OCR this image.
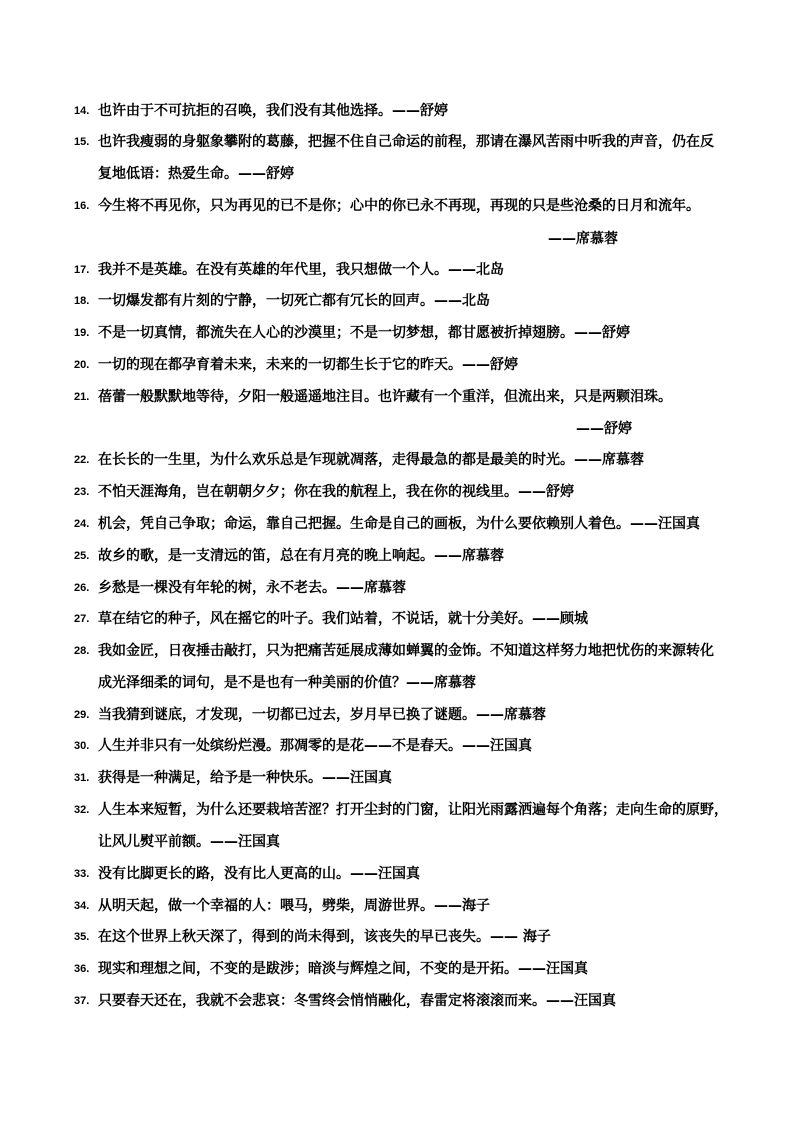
14. 也许由于不可抗拒的召唤，我们没有其他选择。——舒婷
15. 也许我瘦弱的身躯象攀附的葛藤，把握不住自己命运的前程，那请在瀑风苦雨中听我的声音，仍在反
复地低语：热爱生命。——舒婷
16. 今生将不再见你，只为再见的已不是你；心中的你已永不再现，再现的只是些沧桑的日月和流年。
——席慕蓉
17. 我并不是英雄。在没有英雄的年代里，我只想做一个人。——北岛
18. 一切爆发都有片刻的宁静，一切死亡都有冗长的回声。——北岛
19. 不是一切真情，都流失在人心的沙漠里；不是一切梦想，都甘愿被折掉翅膀。——舒婷
20. 一切的现在都孕育着未来，未来的一切都生长于它的昨天。——舒婷
21. 蓓蕾一般默默地等待，夕阳一般遥遥地注目。也许藏有一个重洋，但流出来，只是两颗泪珠。
——舒婷
22. 在长长的一生里，为什么欢乐总是乍现就凋落，走得最急的都是最美的时光。——席慕蓉
23. 不怕天涯海角，岂在朝朝夕夕；你在我的航程上，我在你的视线里。——舒婷
24. 机会，凭自己争取；命运，靠自己把握。生命是自己的画板，为什么要依赖别人着色。——汪国真
25. 故乡的歌，是一支清远的笛，总在有月亮的晚上响起。——席慕蓉
26. 乡愁是一棵没有年轮的树，永不老去。——席慕蓉
27. 草在结它的种子，风在摇它的叶子。我们站着，不说话，就十分美好。——顾城
28. 我如金匠，日夜捶击敲打，只为把痛苦延展成薄如蝉翼的金饰。不知道这样努力地把忧伤的来源转化
成光泽细柔的词句，是不是也有一种美丽的价值？——席慕蓉
29. 当我猜到谜底，才发现，一切都已过去，岁月早已换了谜题。——席慕蓉
30. 人生并非只有一处缤纷烂漫。那凋零的是花——不是春天。——汪国真
31. 获得是一种满足，给予是一种快乐。——汪国真
32. 人生本来短暂，为什么还要栽培苦涩？打开尘封的门窗，让阳光雨露洒遍每个角落；走向生命的原野，
让风儿熨平前额。——汪国真
33. 没有比脚更长的路，没有比人更高的山。——汪国真
34. 从明天起，做一个幸福的人：喂马，劈柴，周游世界。——海子
35. 在这个世界上秋天深了，得到的尚未得到，该丧失的早已丧失。—— 海子
36. 现实和理想之间，不变的是跋涉；暗淡与辉煌之间，不变的是开拓。——汪国真
37. 只要春天还在，我就不会悲哀：冬雪终会悄悄融化，春雷定将滚滚而来。——汪国真
